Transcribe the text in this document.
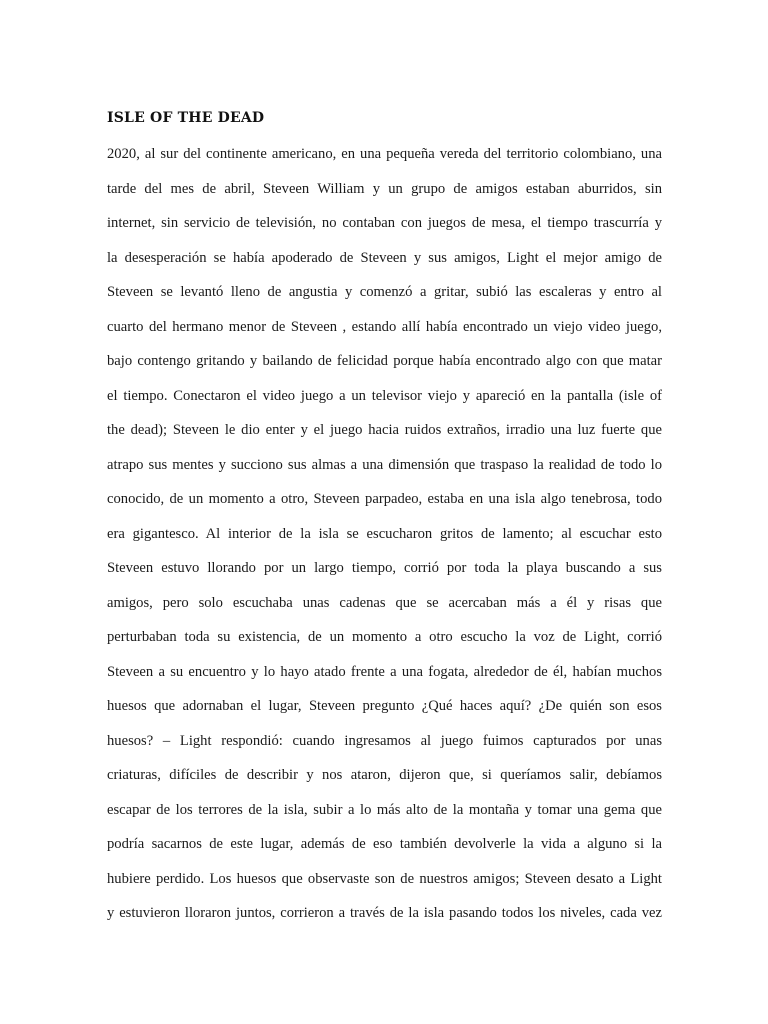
ISLE OF THE DEAD
2020, al sur del continente americano, en una pequeña vereda del territorio colombiano, una
tarde del mes de abril, Steveen William y un grupo de amigos estaban aburridos, sin
internet, sin servicio de televisión, no contaban con juegos de mesa, el tiempo trascurría y
la desesperación se había apoderado de Steveen y sus amigos, Light el mejor amigo de
Steveen se levantó lleno de angustia y comenzó a gritar, subió las escaleras y entro al
cuarto del hermano menor de Steveen , estando allí había encontrado un viejo video juego,
bajo contengo gritando y bailando de felicidad porque había encontrado algo con que matar
el tiempo. Conectaron el video juego a un televisor viejo y apareció en la pantalla (isle of
the dead); Steveen le dio enter y el juego hacia ruidos extraños, irradio una luz fuerte que
atrapo sus mentes y succiono sus almas a una dimensión que traspaso la realidad de todo lo
conocido, de un momento a otro, Steveen parpadeo, estaba en una isla algo tenebrosa, todo
era gigantesco. Al interior de la isla se escucharon gritos de lamento; al escuchar esto
Steveen estuvo llorando por un largo tiempo, corrió por toda la playa buscando a sus
amigos, pero solo escuchaba unas cadenas que se acercaban más a él y risas que
perturbaban toda su existencia, de un momento a otro escucho la voz de Light, corrió
Steveen a su encuentro y lo hayo atado frente a una fogata, alrededor de él, habían muchos
huesos que adornaban el lugar, Steveen pregunto ¿Qué haces aquí? ¿De quién son esos
huesos? – Light respondió: cuando ingresamos al juego fuimos capturados por unas
criaturas, difíciles de describir y nos ataron, dijeron que, si queríamos salir, debíamos
escapar de los terrores de la isla, subir a lo más alto de la montaña y tomar una gema que
podría sacarnos de este lugar, además de eso también devolverle la vida a alguno si la
hubiere perdido. Los huesos que observaste son de nuestros amigos; Steveen desato a Light
y estuvieron lloraron juntos, corrieron a través de la isla pasando todos los niveles, cada vez
